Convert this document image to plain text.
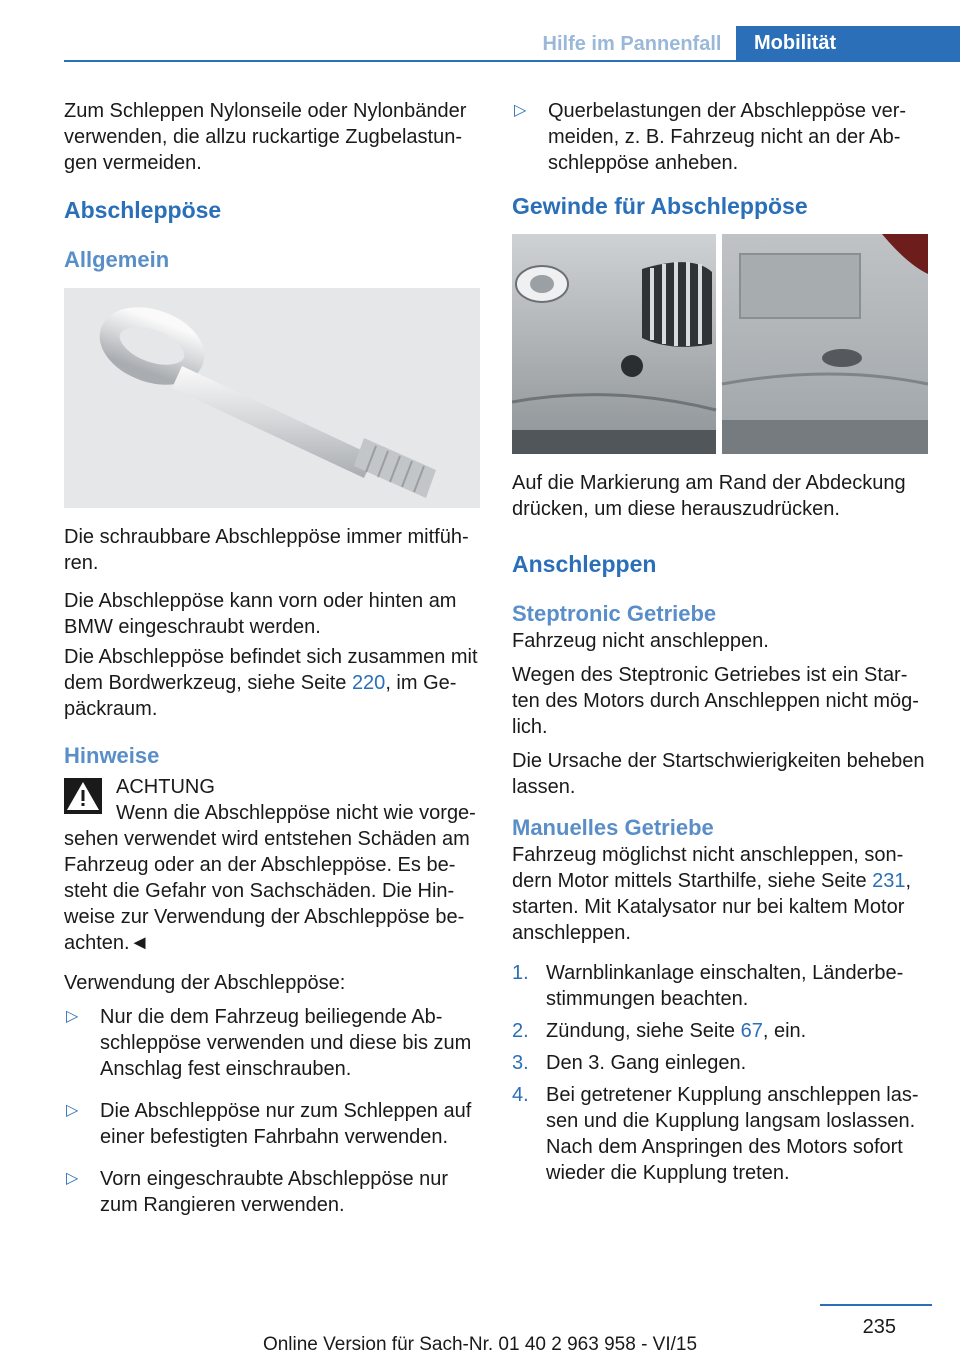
Hilfe im Pannenfall	Mobilität

Zum Schleppen Nylonseile oder Nylonbänder verwenden, die allzu ruckartige Zugbelastun-gen vermeiden.

Abschleppöse
Allgemein

Die schraubbare Abschleppöse immer mitfüh-ren.

Die Abschleppöse kann vorn oder hinten am BMW eingeschraubt werden.

Die Abschleppöse befindet sich zusammen mit dem Bordwerkzeug, siehe Seite 220, im Ge-päckraum.

Hinweise
ACHTUNG
Wenn die Abschleppöse nicht wie vorge-sehen verwendet wird entstehen Schäden am Fahrzeug oder an der Abschleppöse. Es be-steht die Gefahr von Sachschäden. Die Hin-weise zur Verwendung der Abschleppöse be-achten.◄

Verwendung der Abschleppöse:

▷ Nur die dem Fahrzeug beiliegende Ab-schleppöse verwenden und diese bis zum Anschlag fest einschrauben.
▷ Die Abschleppöse nur zum Schleppen auf einer befestigten Fahrbahn verwenden.
▷ Vorn eingeschraubte Abschleppöse nur zum Rangieren verwenden.
▷ Querbelastungen der Abschleppöse ver-meiden, z. B. Fahrzeug nicht an der Ab-schleppöse anheben.
Gewinde für Abschleppöse

Auf die Markierung am Rand der Abdeckung drücken, um diese herauszudrücken.

Anschleppen
Steptronic Getriebe

Fahrzeug nicht anschleppen.

Wegen des Steptronic Getriebes ist ein Star-ten des Motors durch Anschleppen nicht mög-lich.

Die Ursache der Startschwierigkeiten beheben lassen.

Manuelles Getriebe

Fahrzeug möglichst nicht anschleppen, son-dern Motor mittels Starthilfe, siehe Seite 231, starten. Mit Katalysator nur bei kaltem Motor anschleppen.

1. Warnblinkanlage einschalten, Länderbe-stimmungen beachten.
2. Zündung, siehe Seite 67, ein.
3. Den 3. Gang einlegen.
4. Bei getretener Kupplung anschleppen las-sen und die Kupplung langsam loslassen. Nach dem Anspringen des Motors sofort wieder die Kupplung treten.
235
Online Version für Sach-Nr. 01 40 2 963 958 - VI/15
